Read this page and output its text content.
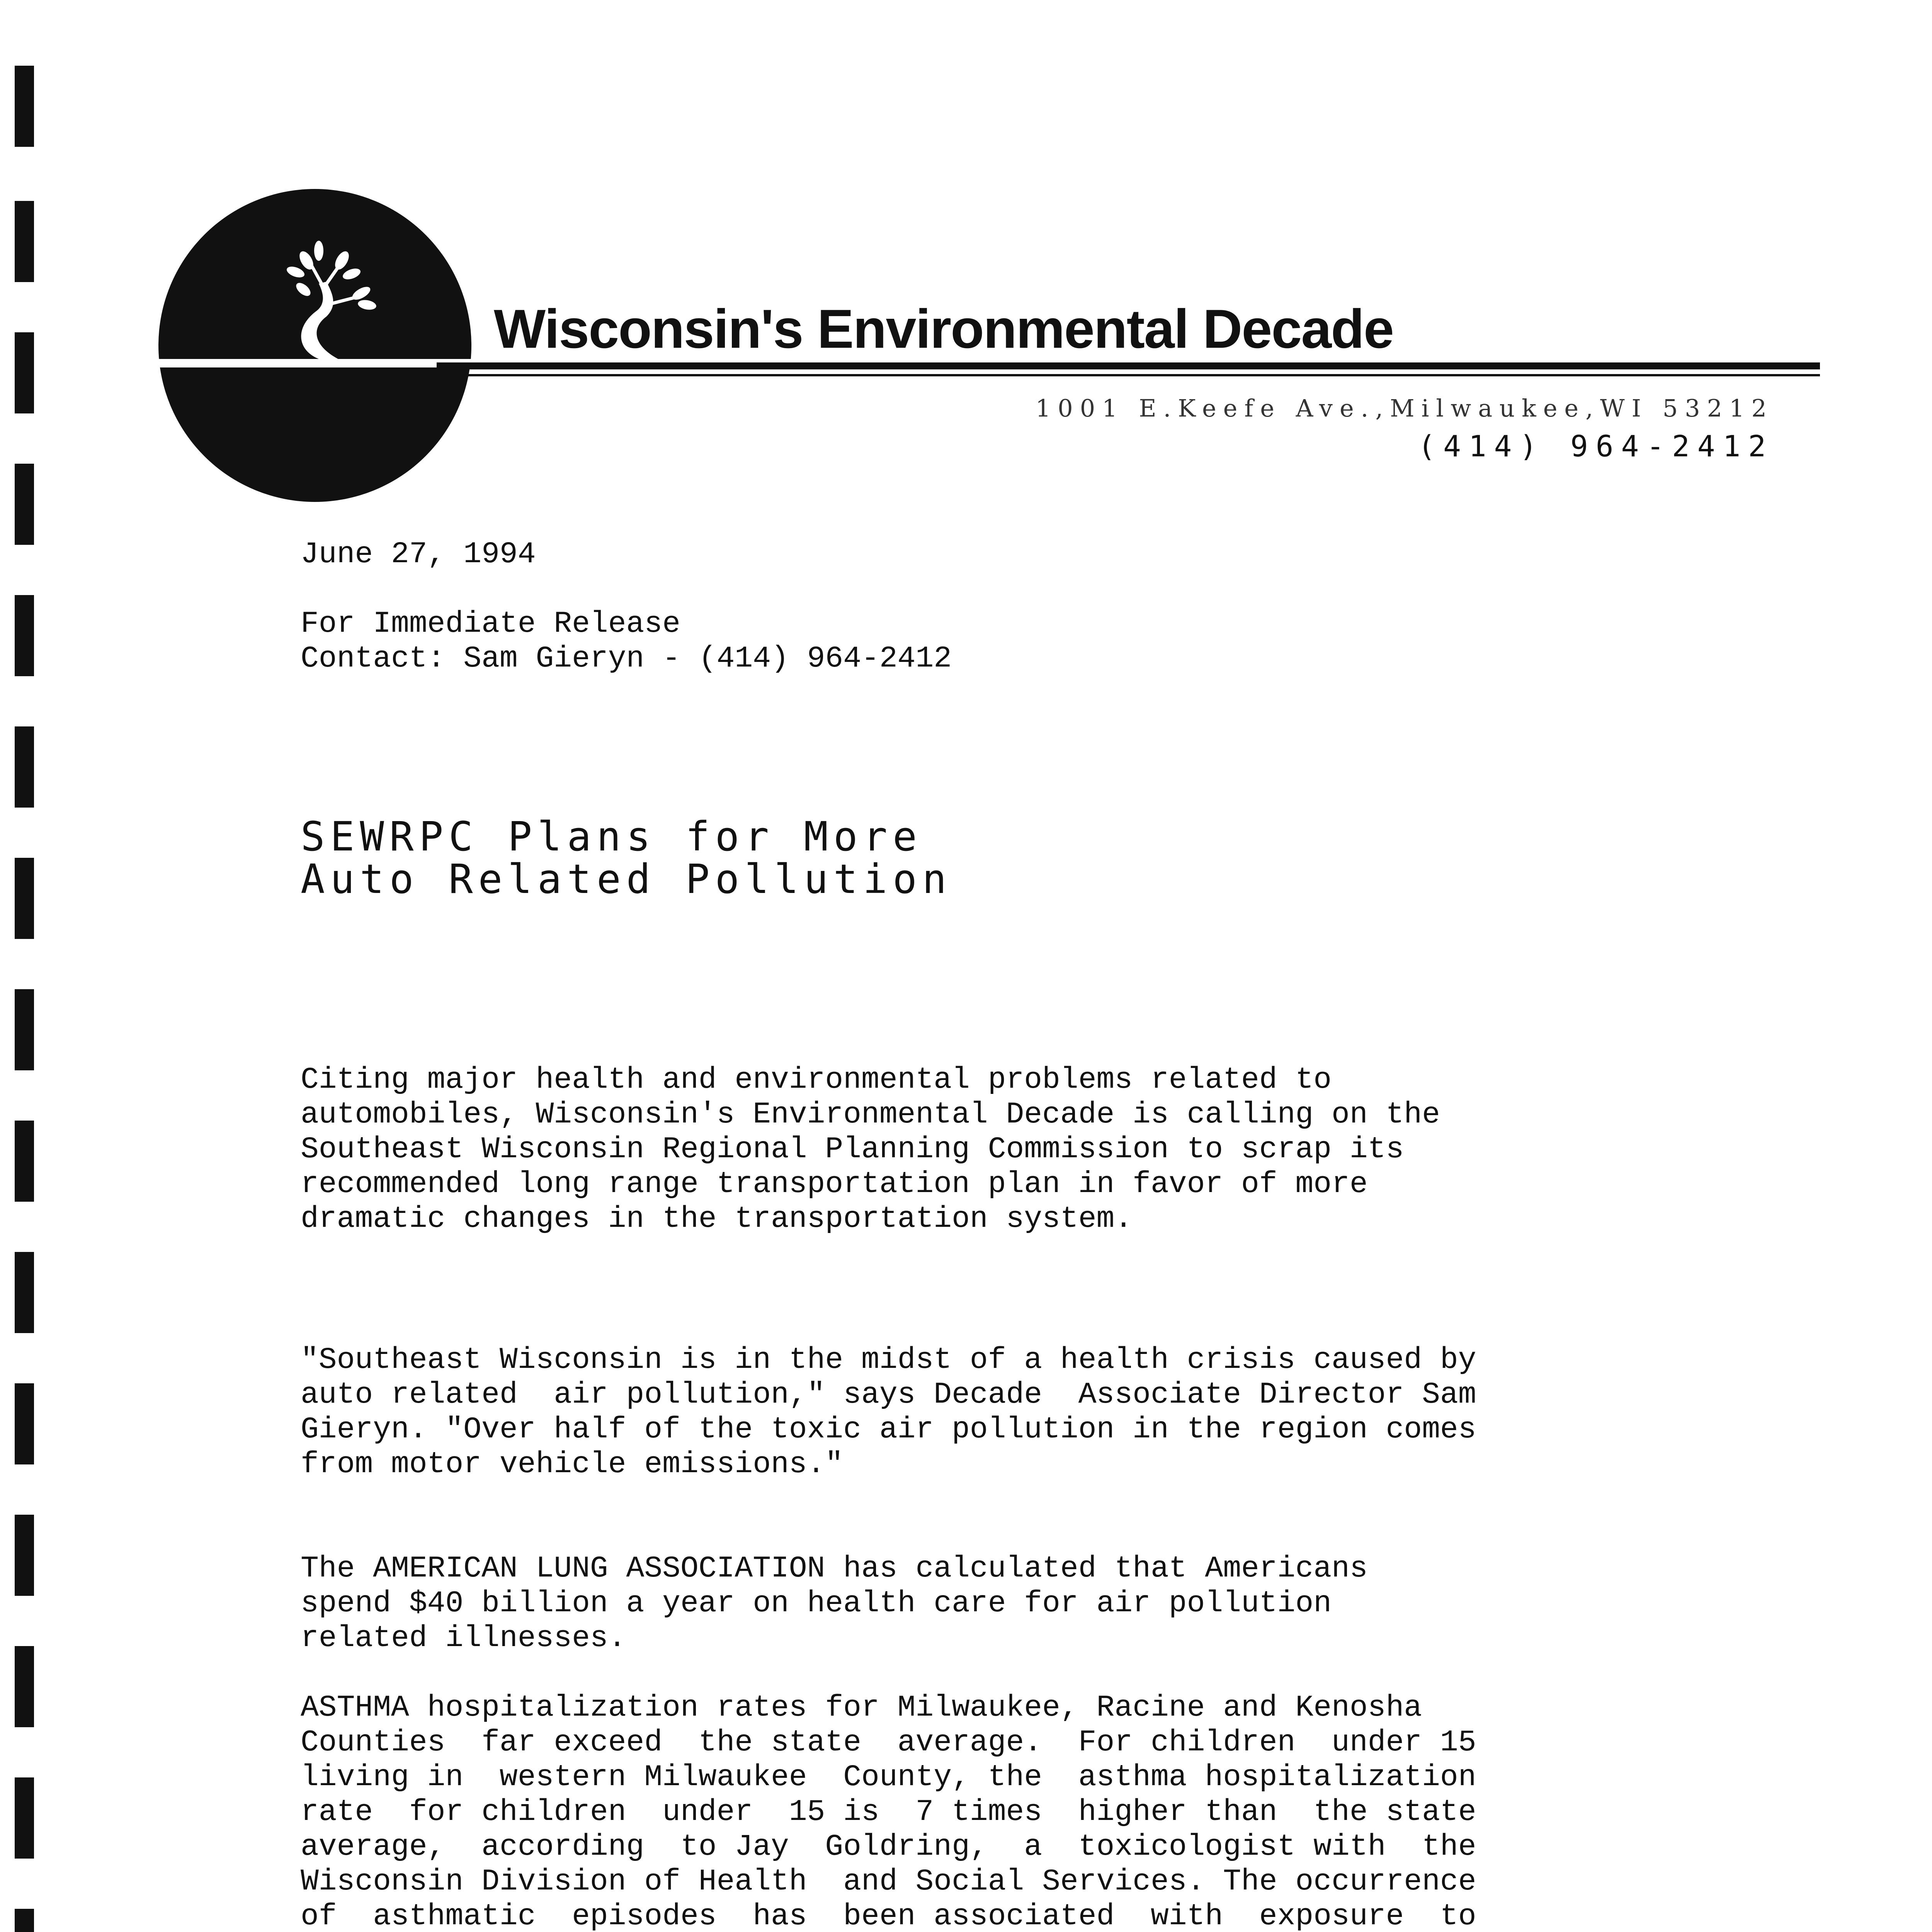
Wisconsin's Environmental Decade
1001 E.Keefe Ave.,Milwaukee,WI 53212
(414) 964-2412
June 27, 1994
For Immediate Release
Contact: Sam Gieryn - (414) 964-2412
SEWRPC Plans for More
Auto Related Pollution
Citing major health and environmental problems related to
automobiles, Wisconsin's Environmental Decade is calling on the
Southeast Wisconsin Regional Planning Commission to scrap its
recommended long range transportation plan in favor of more
dramatic changes in the transportation system.
"Southeast Wisconsin is in the midst of a health crisis caused by
auto related  air pollution," says Decade  Associate Director Sam
Gieryn. "Over half of the toxic air pollution in the region comes
from motor vehicle emissions."
The AMERICAN LUNG ASSOCIATION has calculated that Americans
spend $40 billion a year on health care for air pollution
related illnesses.
ASTHMA hospitalization rates for Milwaukee, Racine and Kenosha
Counties  far exceed  the state  average.  For children  under 15
living in  western Milwaukee  County, the  asthma hospitalization
rate  for children  under  15 is  7 times  higher than  the state
average,  according  to Jay  Goldring,  a  toxicologist with  the
Wisconsin Division of Health  and Social Services. The occurrence
of  asthmatic  episodes  has  been associated  with  exposure  to
